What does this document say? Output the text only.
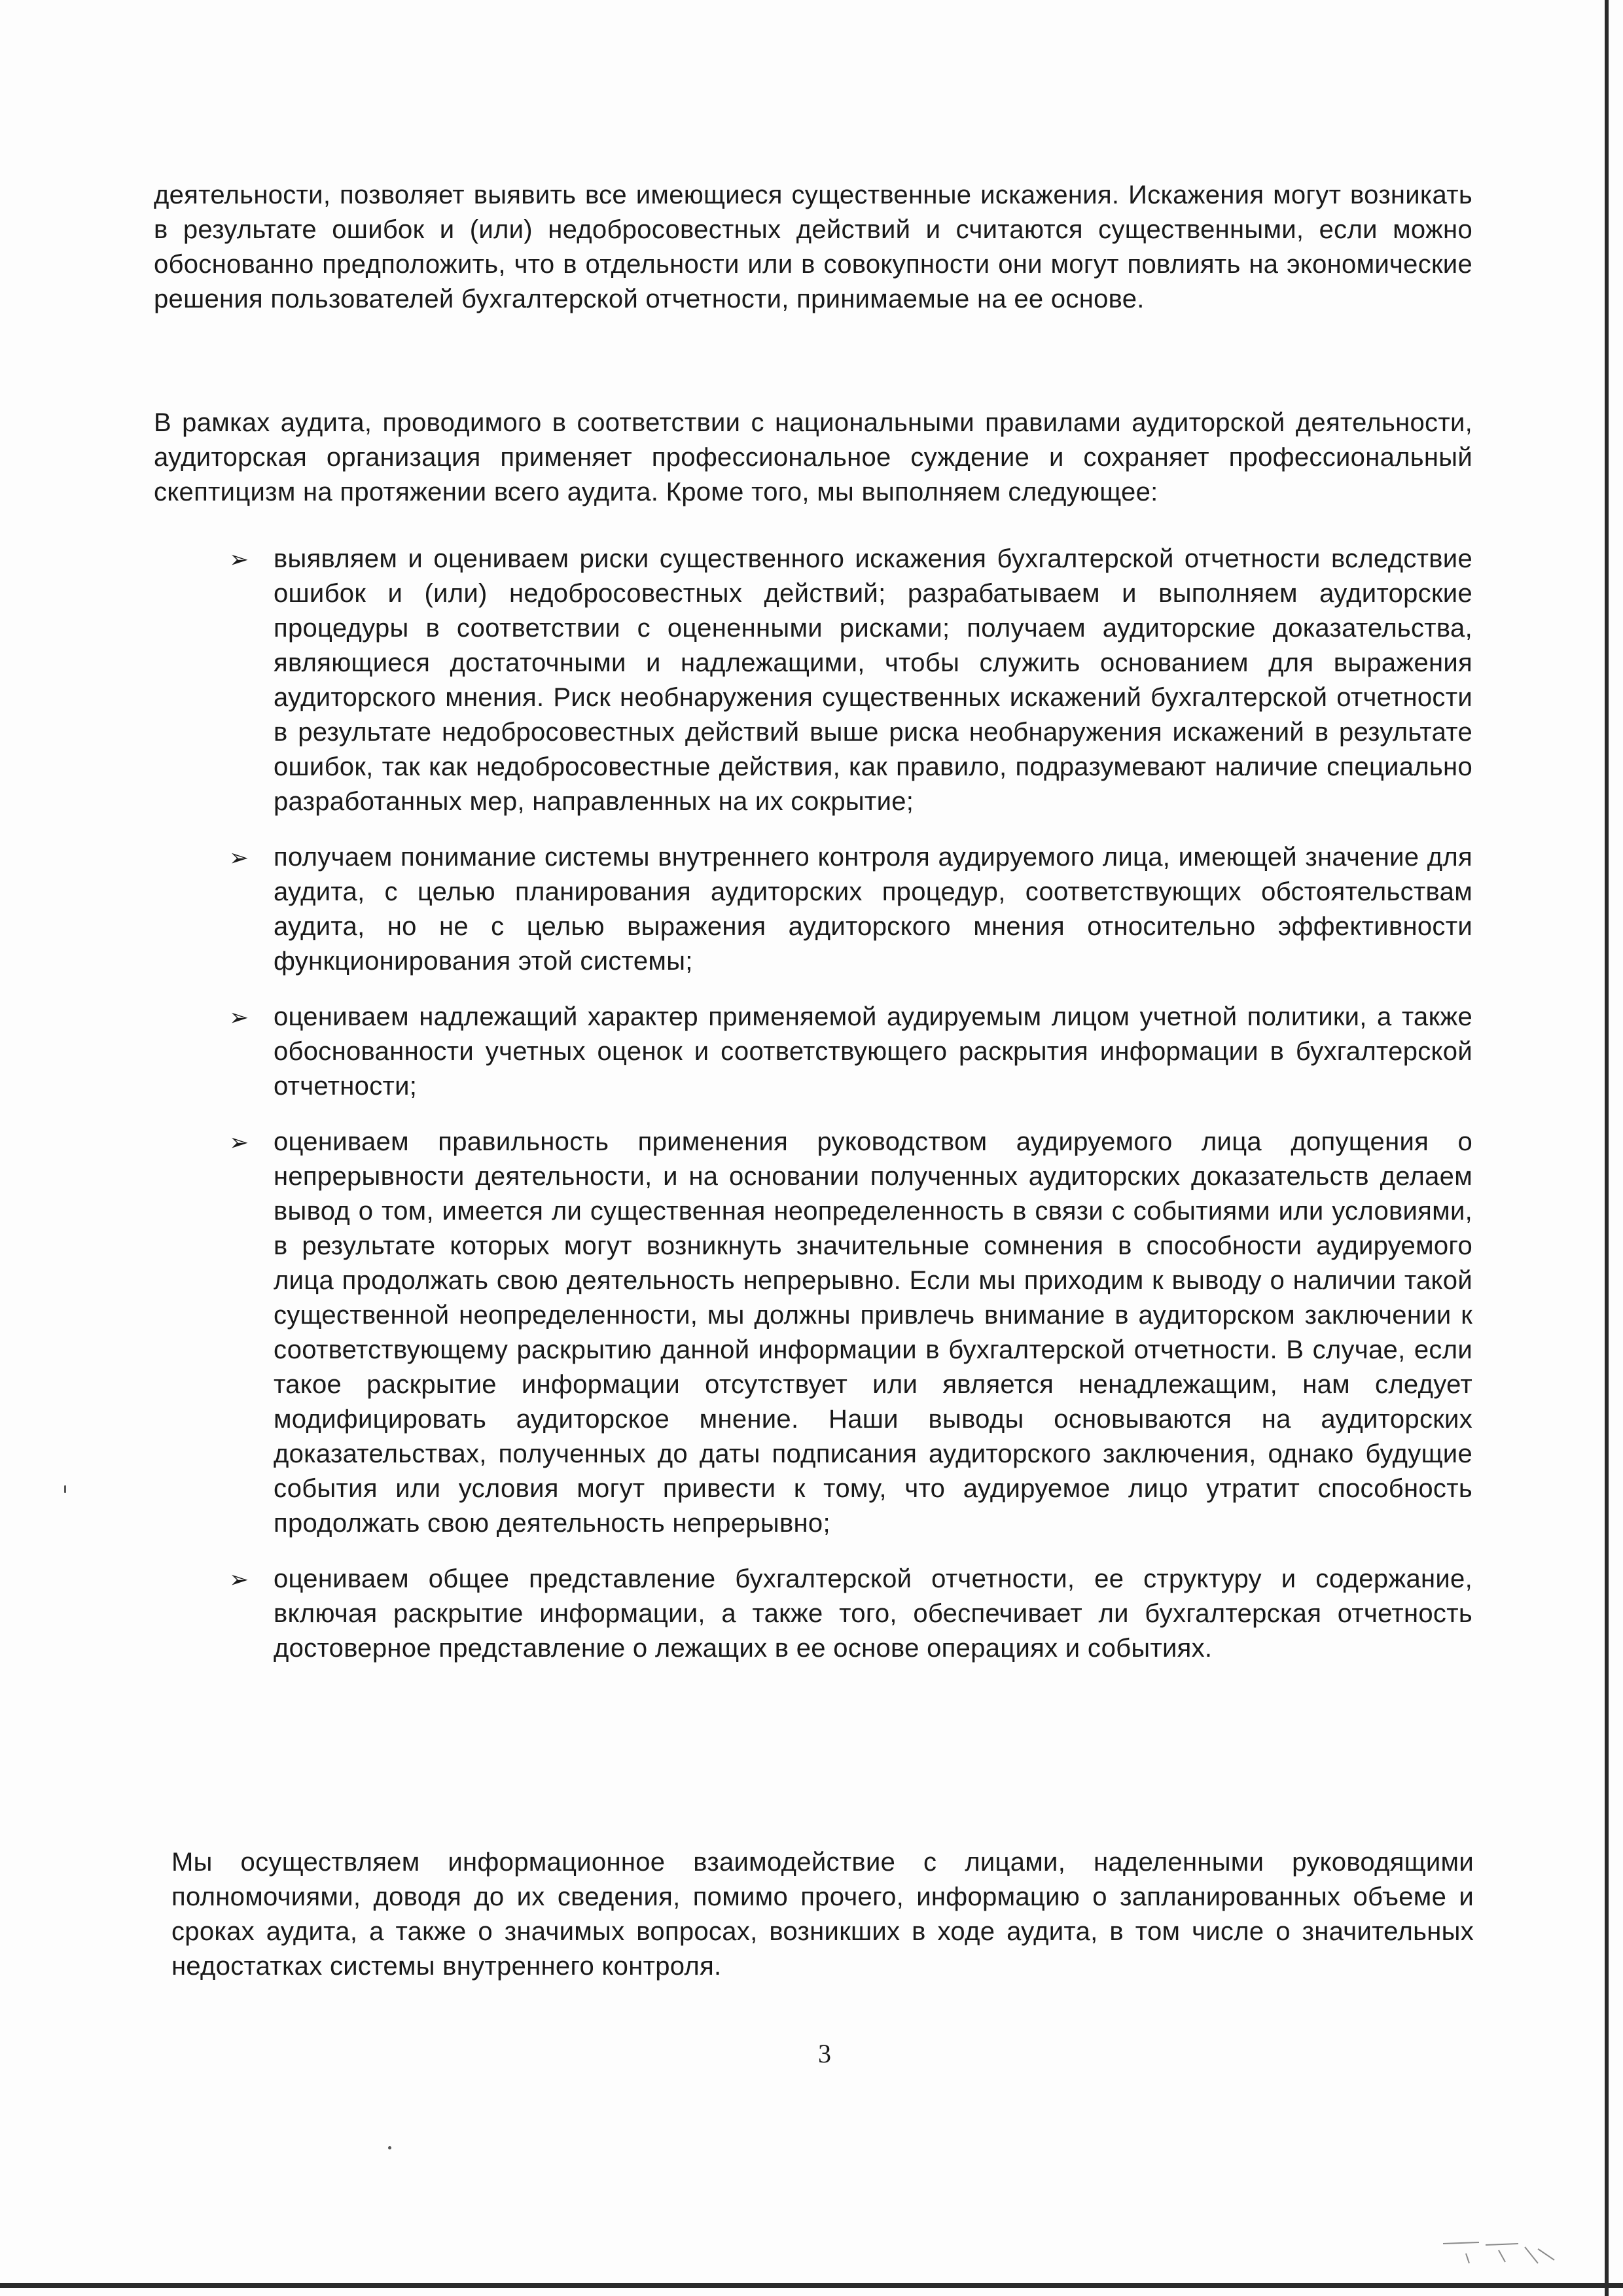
деятельности, позволяет выявить все имеющиеся существенные искажения. Искажения могут возникать в результате ошибок и (или) недобросовестных действий и считаются существенными, если можно обоснованно предположить, что в отдельности или в совокупности они могут повлиять на экономические решения пользователей бухгалтерской отчетности, принимаемые на ее основе.

В рамках аудита, проводимого в соответствии с национальными правилами аудиторской деятельности, аудиторская организация применяет профессиональное суждение и сохраняет профессиональный скептицизм на протяжении всего аудита. Кроме того, мы выполняем следующее:

➢ выявляем и оцениваем риски существенного искажения бухгалтерской отчетности вследствие ошибок и (или) недобросовестных действий; разрабатываем и выполняем аудиторские процедуры в соответствии с оцененными рисками; получаем аудиторские доказательства, являющиеся достаточными и надлежащими, чтобы служить основанием для выражения аудиторского мнения. Риск необнаружения существенных искажений бухгалтерской отчетности в результате недобросовестных действий выше риска необнаружения искажений в результате ошибок, так как недобросовестные действия, как правило, подразумевают наличие специально разработанных мер, направленных на их сокрытие;
➢ получаем понимание системы внутреннего контроля аудируемого лица, имеющей значение для аудита, с целью планирования аудиторских процедур, соответствующих обстоятельствам аудита, но не с целью выражения аудиторского мнения относительно эффективности функционирования этой системы;
➢ оцениваем надлежащий характер применяемой аудируемым лицом учетной политики, а также обоснованности учетных оценок и соответствующего раскрытия информации в бухгалтерской отчетности;
➢ оцениваем правильность применения руководством аудируемого лица допущения о непрерывности деятельности, и на основании полученных аудиторских доказательств делаем вывод о том, имеется ли существенная неопределенность в связи с событиями или условиями, в результате которых могут возникнуть значительные сомнения в способности аудируемого лица продолжать свою деятельность непрерывно. Если мы приходим к выводу о наличии такой существенной неопределенности, мы должны привлечь внимание в аудиторском заключении к соответствующему раскрытию данной информации в бухгалтерской отчетности. В случае, если такое раскрытие информации отсутствует или является ненадлежащим, нам следует модифицировать аудиторское мнение. Наши выводы основываются на аудиторских доказательствах, полученных до даты подписания аудиторского заключения, однако будущие события или условия могут привести к тому, что аудируемое лицо утратит способность продолжать свою деятельность непрерывно;
➢ оцениваем общее представление бухгалтерской отчетности, ее структуру и содержание, включая раскрытие информации, а также того, обеспечивает ли бухгалтерская отчетность достоверное представление о лежащих в ее основе операциях и событиях.

Мы осуществляем информационное взаимодействие с лицами, наделенными руководящими полномочиями, доводя до их сведения, помимо прочего, информацию о запланированных объеме и сроках аудита, а также о значимых вопросах, возникших в ходе аудита, в том числе о значительных недостатках системы внутреннего контроля.

3
